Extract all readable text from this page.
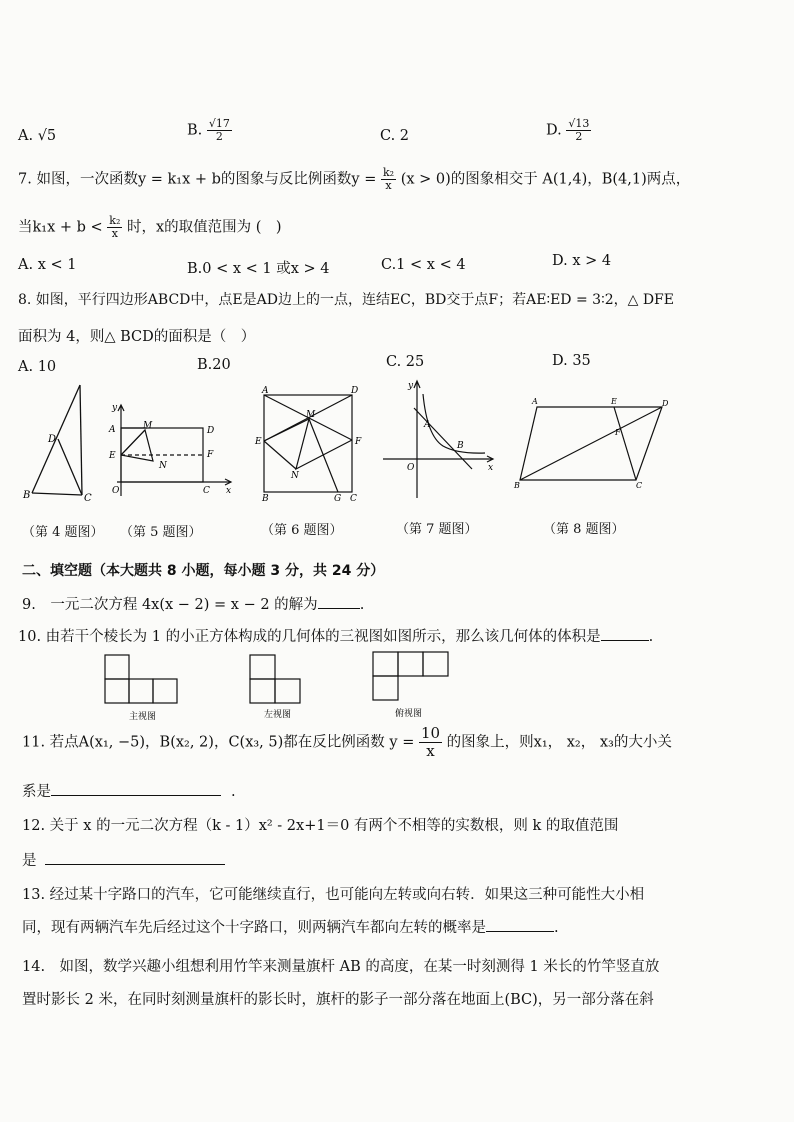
A. √5	B. $\frac{√17}{2}$	C. 2	D. $\frac{√13}{2}$
7. 如图，一次函数y = k₁x + b的图象与反比例函数$y = \frac{\text{k₂}}{x} (x > 0)$的图象相交于 A(1,4)，B(4,1)两点，
当$k_1x + b < \frac{\text{k₂}}{x}$ 时，x的取值范围为 (　)
A. x < 1	B.0 < x < 1 或x > 4	C.1 < x < 4	D. x > 4
8. 如图，平行四边形ABCD中，点E是AD边上的一点，连结EC，BD交于点F；若AE∶ED = 3∶2，△ DFE
面积为 4，则△ BCD的面积是（　）
A. 10	B.20	C. 25	D. 35
D
B	C
y
A	M	D
E
N
F
O	C x
A	D
M
E	F
N
B	G C
y
A
B
O	x
A	E	D
F
B	C
（第 4 题图） （第 5 题图）	（第 6 题图）	（第 7 题图）	（第 8 题图）
二、填空题（本大题共 8 小题，每小题 3 分，共 24 分）
9.　一元二次方程 4x(x − 2) = x − 2 的解为	.
10. 由若干个棱长为 1 的小正方体构成的几何体的三视图如图所示，那么该几何体的体积是	.
主视图	左视图	俯视图
11. 若点A(x₁, −5)，B(x₂, 2)，C(x₃, 5)都在反比例函数 $y = \frac{10}{x}$ 的图象上，则x₁， x₂， x₃的大小关
系是	.
12. 关于 x 的一元二次方程（k - 1）x² - 2x+1＝0 有两个不相等的实数根，则 k 的取值范围
是
13. 经过某十字路口的汽车，它可能继续直行，也可能向左转或向右转．如果这三种可能性大小相
同，现有两辆汽车先后经过这个十字路口，则两辆汽车都向左转的概率是	.
14.　如图，数学兴趣小组想利用竹竿来测量旗杆 AB 的高度，在某一时刻测得 1 米长的竹竿竖直放
置时影长 2 米，在同时刻测量旗杆的影长时，旗杆的影子一部分落在地面上(BC)，另一部分落在斜
